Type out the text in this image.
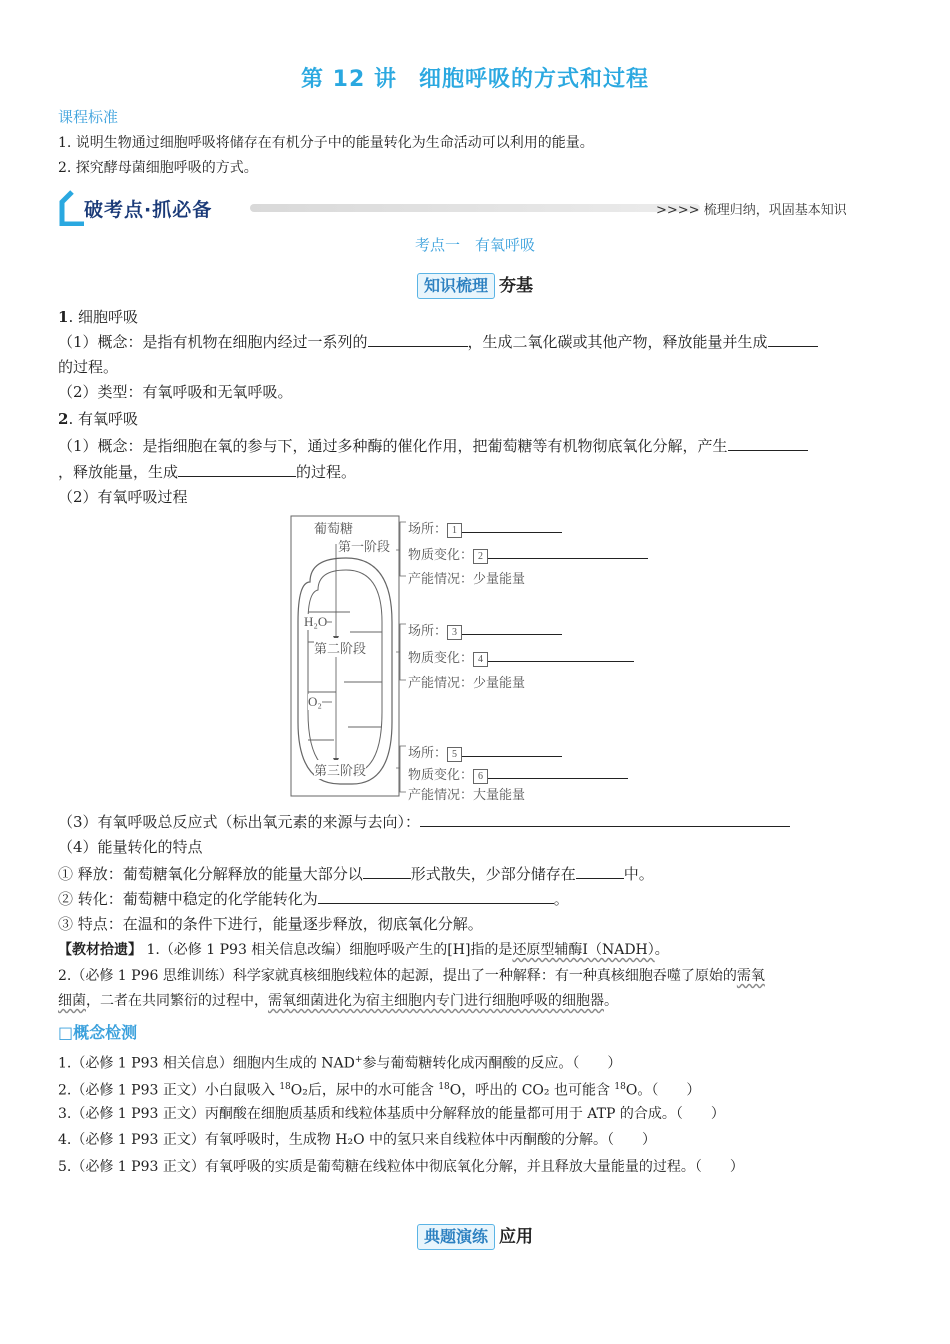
第 12 讲 细胞呼吸的方式和过程
课程标准
1. 说明生物通过细胞呼吸将储存在有机分子中的能量转化为生命活动可以利用的能量。
2. 探究酵母菌细胞呼吸的方式。
破考点·抓必备	>>>> 梳理归纳，巩固基本知识
考点一　有氧呼吸
知识梳理 夯基
1. 细胞呼吸
（1）概念：是指有机物在细胞内经过一系列的	，生成二氧化碳或其他产物，释放能量并生成
的过程。
（2）类型：有氧呼吸和无氧呼吸。
2. 有氧呼吸
（1）概念：是指细胞在氧的参与下，通过多种酶的催化作用，把葡萄糖等有机物彻底氧化分解，产生
，释放能量，生成	的过程。
（2）有氧呼吸过程
葡萄糖
第一阶段
H₂O
第二阶段
O₂
第三阶段
场所： 1
物质变化： 2
产能情况：少量能量
场所： 3
物质变化： 4
产能情况：少量能量
场所： 5
物质变化： 6
产能情况：大量能量
（3）有氧呼吸总反应式（标出氧元素的来源与去向）：
（4）能量转化的特点
① 释放：葡萄糖氧化分解释放的能量大部分以	形式散失，少部分储存在	中。
② 转化：葡萄糖中稳定的化学能转化为	。
③ 特点：在温和的条件下进行，能量逐步释放，彻底氧化分解。
【教材拾遗】 1.（必修 1 P93 相关信息改编）细胞呼吸产生的[H]指的是还原型辅酶Ⅰ（NADH）。
2.（必修 1 P96 思维训练）科学家就真核细胞线粒体的起源，提出了一种解释：有一种真核细胞吞噬了原始的需氧
细菌，二者在共同繁衍的过程中，需氧细菌进化为宿主细胞内专门进行细胞呼吸的细胞器。
□概念检测
1.（必修 1 P93 相关信息）细胞内生成的 NAD+参与葡萄糖转化成丙酮酸的反应。（　　）
2.（必修 1 P93 正文）小白鼠吸入 $^{18}$O₂后，尿中的水可能含 $^{18}$O，呼出的 CO₂ 也可能含 $^{18}$O。（　　）
3.（必修 1 P93 正文）丙酮酸在细胞质基质和线粒体基质中分解释放的能量都可用于 ATP 的合成。（　　）
4.（必修 1 P93 正文）有氧呼吸时，生成物 H₂O 中的氢只来自线粒体中丙酮酸的分解。（　　）
5.（必修 1 P93 正文）有氧呼吸的实质是葡萄糖在线粒体中彻底氧化分解，并且释放大量能量的过程。（　　）
典题演练 应用
